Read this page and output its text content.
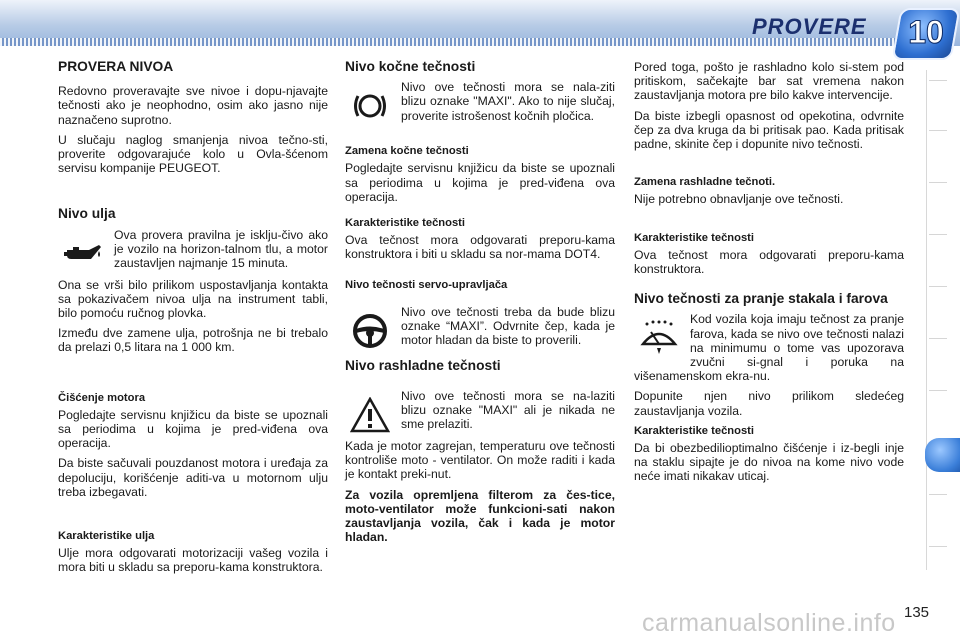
PROVERE 10
PROVERA NIVOA

Redovno proveravajte sve nivoe i dopu-njavajte tečnosti ako je neophodno, osim ako jasno nije naznačeno suprotno.

U slučaju naglog smanjenja nivoa tečno-sti, proverite odgovarajuće kolo u Ovla-šćenom servisu kompanije PEUGEOT.

Nivo ulja

Ova provera pravilna je isklju-čivo ako je vozilo na horizon-talnom tlu, a motor zaustavljen najmanje 15 minuta.

Ona se vrši bilo prilikom uspostavljanja kontakta sa pokazivačem nivoa ulja na instrument tabli, bilo pomoću ručnog plovka.

Između dve zamene ulja, potrošnja ne bi trebalo da prelazi 0,5 litara na 1 000 km.

Čišćenje motora

Pogledajte servisnu knjižicu da biste se upoznali sa periodima u kojima je pred-viđena ova operacija.

Da biste sačuvali pouzdanost motora i uređaja za depoluciju, korišćenje aditi-va u motornom ulju treba izbegavati.

Karakteristike ulja

Ulje mora odgovarati motorizaciji vašeg vozila i mora biti u skladu sa preporu-kama konstruktora.

Nivo kočne tečnosti

Nivo ove tečnosti mora se nala-ziti blizu oznake "MAXI". Ako to nije slučaj, proverite istrošenost kočnih pločica.

Zamena kočne tečnosti

Pogledajte servisnu knjižicu da biste se upoznali sa periodima u kojima je pred-viđena ova operacija.

Karakteristike tečnosti

Ova tečnost mora odgovarati preporu-kama konstruktora i biti u skladu sa nor-mama DOT4.

Nivo tečnosti servo-upravljača

Nivo ove tečnosti treba da bude blizu oznake “MAXI”. Odvrnite čep, kada je motor hladan da biste to proverili.

Nivo rashladne tečnosti

Nivo ove tečnosti mora se na-laziti blizu oznake "MAXI" ali je nikada ne sme prelaziti.

Kada je motor zagrejan, temperaturu ove tečnosti kontroliše moto - ventilator. On može raditi i kada je kontakt preki-nut.

Za vozila opremljena filterom za čes-tice, moto-ventilator može funkcioni-sati nakon zaustavljanja vozila, čak i kada je motor hladan.

Pored toga, pošto je rashladno kolo si-stem pod pritiskom, sačekajte bar sat vremena nakon zaustavljanja motora pre bilo kakve intervencije.

Da biste izbegli opasnost od opekotina, odvrnite čep za dva kruga da bi pritisak pao. Kada pritisak padne, skinite čep i dopunite nivo tečnosti.

Zamena rashladne tečnoti.

Nije potrebno obnavljanje ove tečnosti.

Karakteristike tečnosti

Ova tečnost mora odgovarati preporu-kama konstruktora.

Nivo tečnosti za pranje stakala i farova

Kod vozila koja imaju tečnost za pranje farova, kada se nivo ove tečnosti nalazi na minimumu o tome vas upozorava zvučni si-gnal i poruka na višenamenskom ekra-nu.

Dopunite njen nivo prilikom sledećeg zaustavljanja vozila.

Karakteristike tečnosti

Da bi obezbedilioptimalno čišćenje i iz-begli inje na staklu sipajte je do nivoa na kome nivo vode neće imati nikakav uticaj.

135
carmanualsonline.info
